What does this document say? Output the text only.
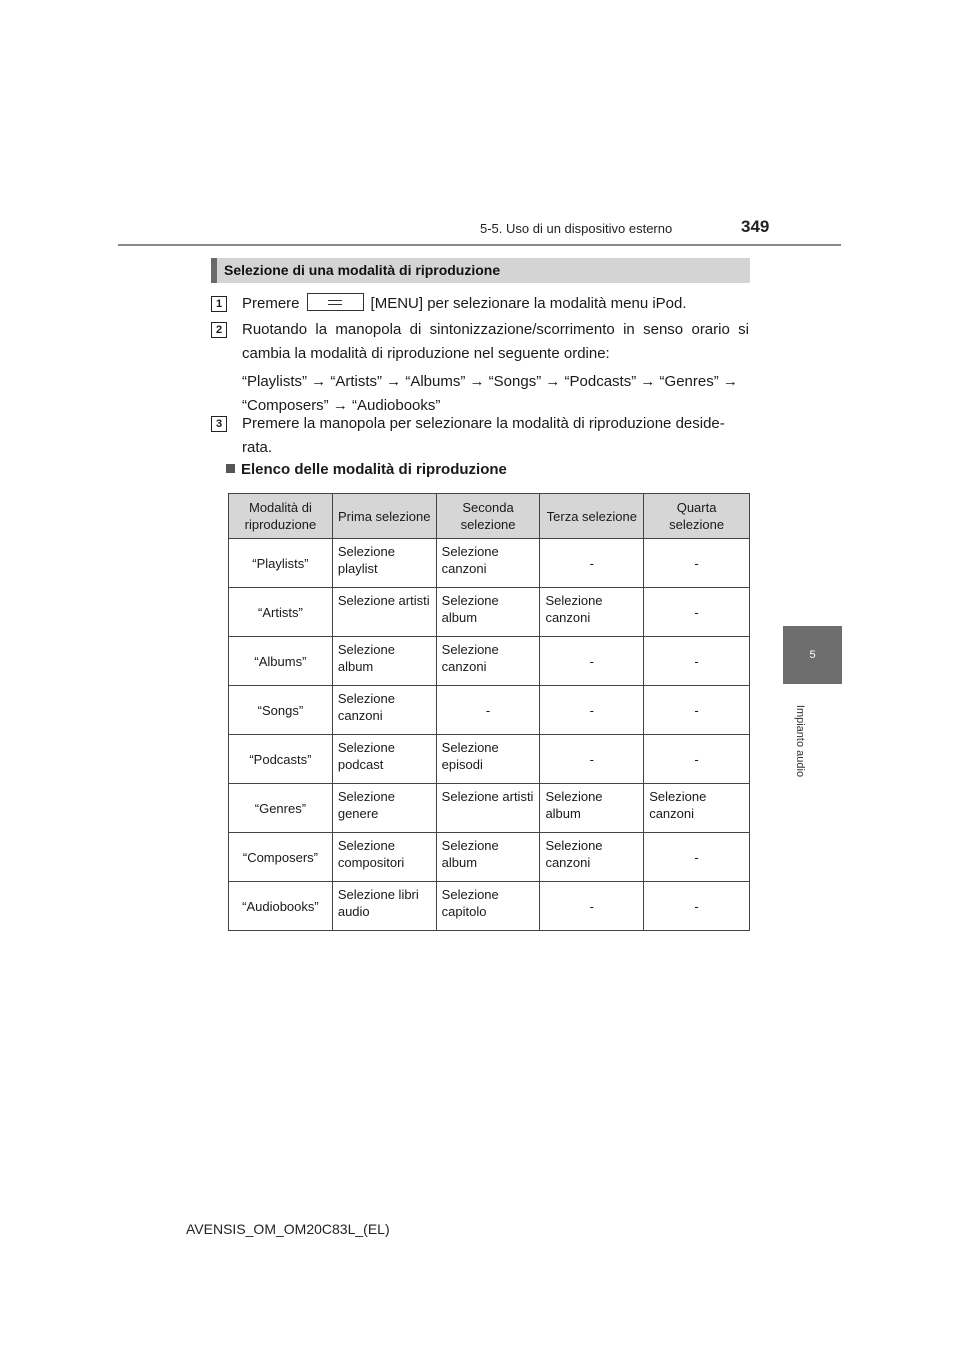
5-5. Uso di un dispositivo esterno	349
5
Impianto audio
Selezione di una modalità di riproduzione
1	Premere	[MENU] per selezionare la modalità menu iPod.
2	Ruotando la manopola di sintonizzazione/scorrimento in senso orario si cambia la modalità di riproduzione nel seguente ordine:
“Playlists” → “Artists” → “Albums” → “Songs” → “Podcasts” → “Genres” → “Composers” → “Audiobooks”
3	Premere la manopola per selezionare la modalità di riproduzione deside-rata.
Elenco delle modalità di riproduzione
Modalità di riproduzione	Prima selezione	Seconda selezione	Terza selezione	Quarta selezione
“Playlists”	Selezione playlist	Selezione canzoni	-	-
“Artists”	Selezione artisti	Selezione album	Selezione canzoni	-
“Albums”	Selezione album	Selezione canzoni	-	-
“Songs”	Selezione canzoni	-	-	-
“Podcasts”	Selezione podcast	Selezione episodi	-	-
“Genres”	Selezione genere	Selezione artisti	Selezione album	Selezione canzoni
“Composers”	Selezione compositori	Selezione album	Selezione canzoni	-
“Audiobooks”	Selezione libri audio	Selezione capitolo	-	-
AVENSIS_OM_OM20C83L_(EL)
